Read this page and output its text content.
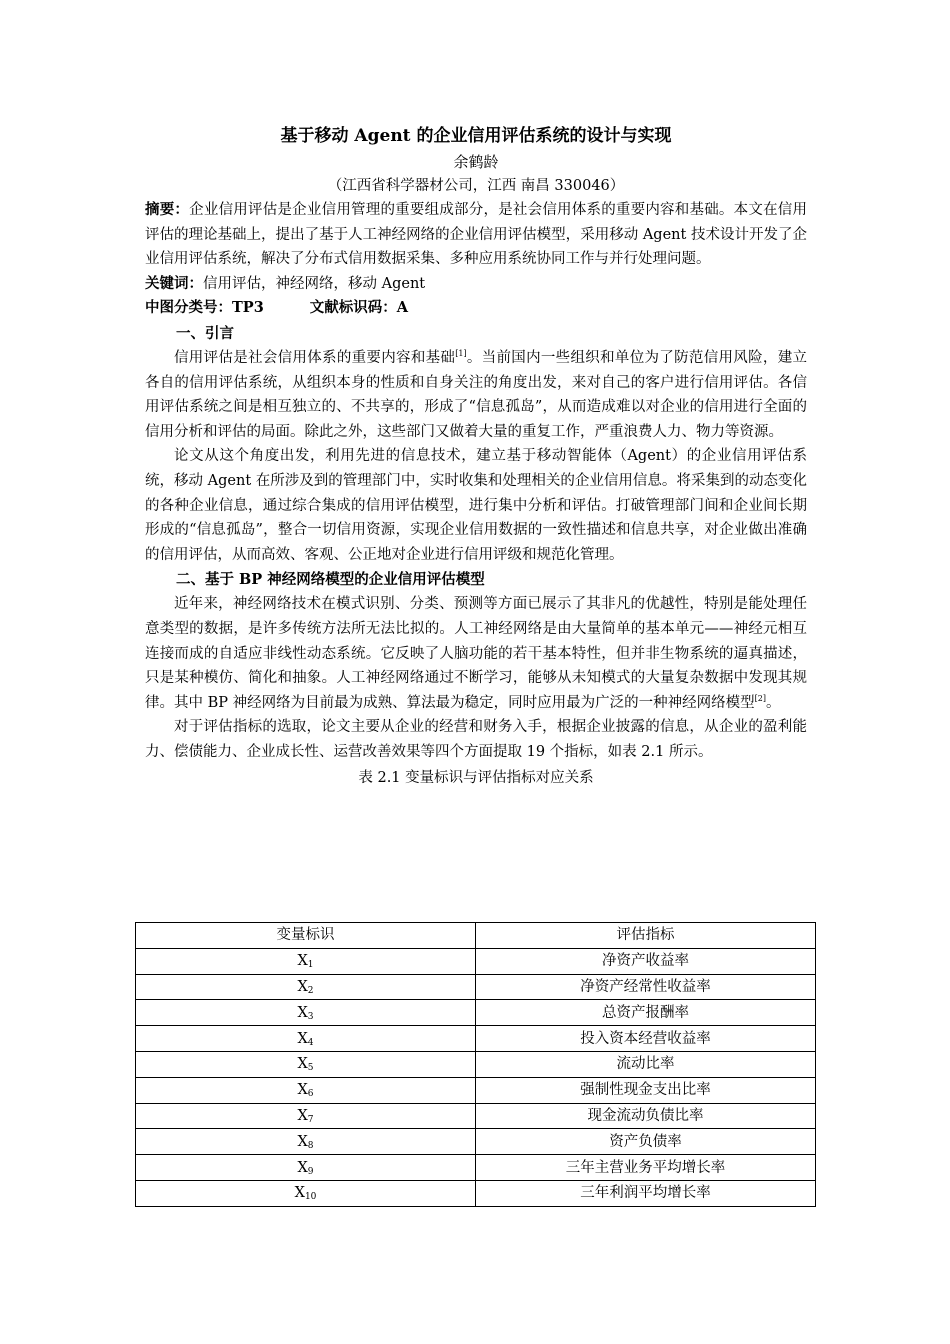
基于移动 Agent 的企业信用评估系统的设计与实现
余鹤龄
（江西省科学器材公司，江西 南昌 330046）

摘要：企业信用评估是企业信用管理的重要组成部分，是社会信用体系的重要内容和基础。本文在信用评估的理论基础上，提出了基于人工神经网络的企业信用评估模型，采用移动 Agent 技术设计开发了企业信用评估系统，解决了分布式信用数据采集、多种应用系统协同工作与并行处理问题。

关键词：信用评估，神经网络，移动 Agent
中图分类号：TP3	文献标识码：A
一、引言

信用评估是社会信用体系的重要内容和基础[1]。当前国内一些组织和单位为了防范信用风险，建立各自的信用评估系统，从组织本身的性质和自身关注的角度出发，来对自己的客户进行信用评估。各信用评估系统之间是相互独立的、不共享的，形成了“信息孤岛”，从而造成难以对企业的信用进行全面的信用分析和评估的局面。除此之外，这些部门又做着大量的重复工作，严重浪费人力、物力等资源。

论文从这个角度出发，利用先进的信息技术，建立基于移动智能体（Agent）的企业信用评估系统，移动 Agent 在所涉及到的管理部门中，实时收集和处理相关的企业信用信息。将采集到的动态变化的各种企业信息，通过综合集成的信用评估模型，进行集中分析和评估。打破管理部门间和企业间长期形成的“信息孤岛”，整合一切信用资源，实现企业信用数据的一致性描述和信息共享，对企业做出准确的信用评估，从而高效、客观、公正地对企业进行信用评级和规范化管理。

二、基于 BP 神经网络模型的企业信用评估模型

近年来，神经网络技术在模式识别、分类、预测等方面已展示了其非凡的优越性，特别是能处理任意类型的数据，是许多传统方法所无法比拟的。人工神经网络是由大量简单的基本单元——神经元相互连接而成的自适应非线性动态系统。它反映了人脑功能的若干基本特性，但并非生物系统的逼真描述，只是某种模仿、简化和抽象。人工神经网络通过不断学习，能够从未知模式的大量复杂数据中发现其规律。其中 BP 神经网络为目前最为成熟、算法最为稳定，同时应用最为广泛的一种神经网络模型[2]。

对于评估指标的选取，论文主要从企业的经营和财务入手，根据企业披露的信息，从企业的盈利能力、偿债能力、企业成长性、运营改善效果等四个方面提取 19 个指标，如表 2.1 所示。

表 2.1 变量标识与评估指标对应关系
变量标识	评估指标
$X_1$	净资产收益率
$X_2$	净资产经常性收益率
$X_3$	总资产报酬率
$X_4$	投入资本经营收益率
$X_5$	流动比率
$X_6$	强制性现金支出比率
$X_7$	现金流动负债比率
$X_8$	资产负债率
$X_9$	三年主营业务平均增长率
$X_{10}$	三年利润平均增长率
